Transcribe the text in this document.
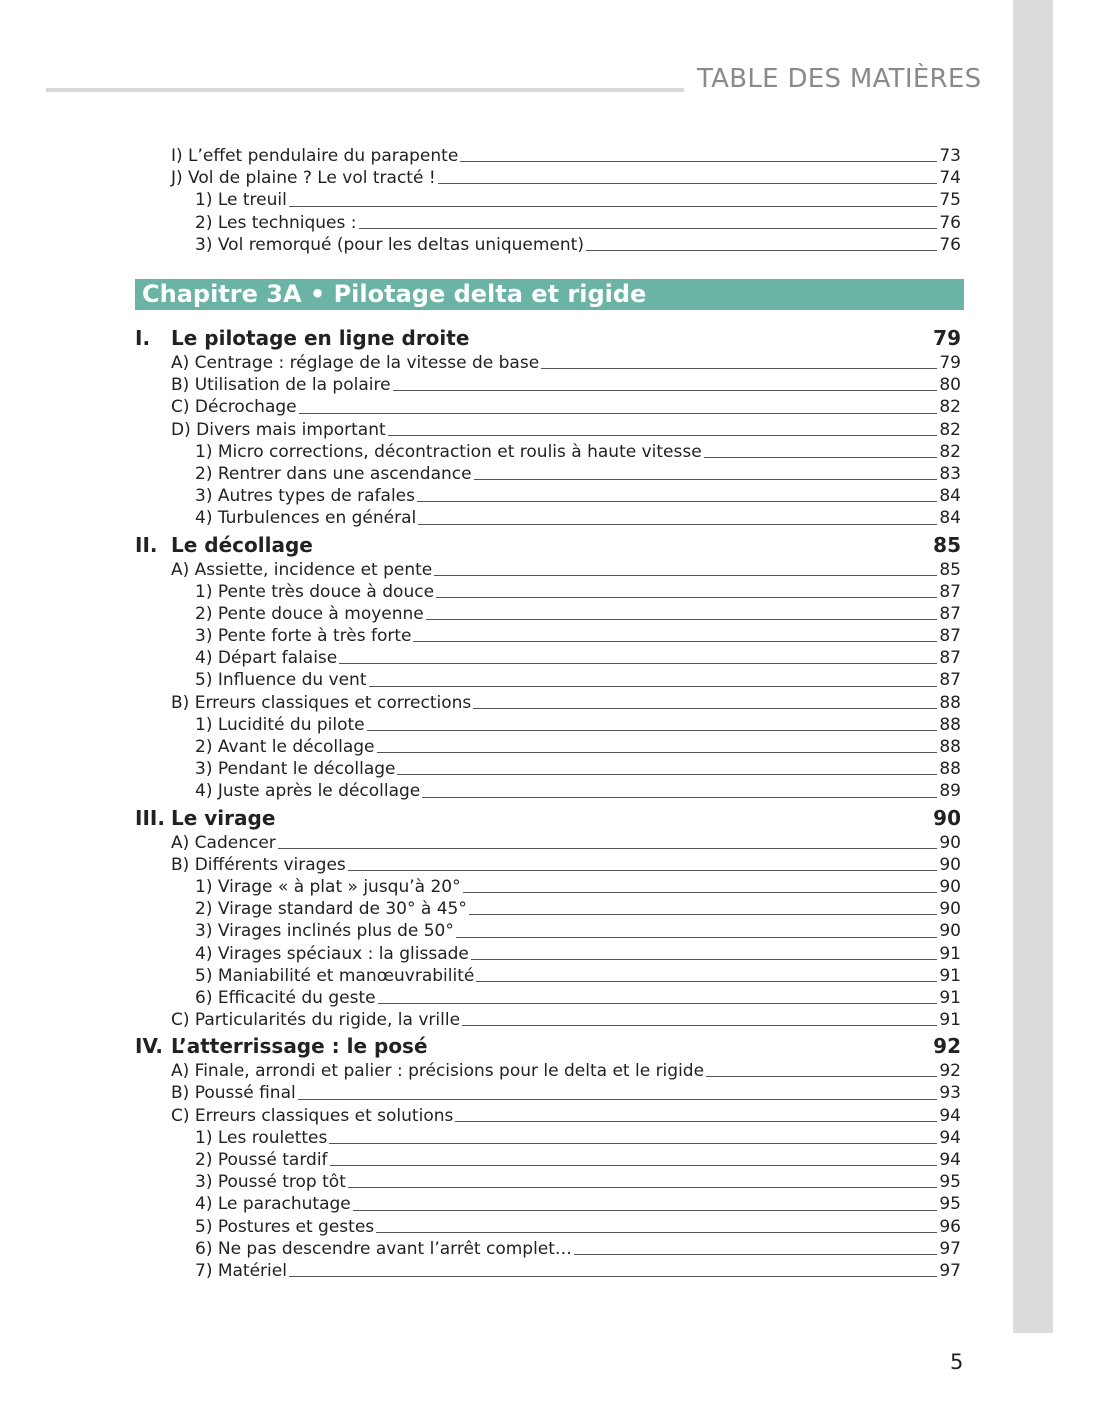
TABLE DES MATIÈRES
I) L’effet pendulaire du parapente	73
J) Vol de plaine ? Le vol tracté !	74
1) Le treuil	75
2) Les techniques :	76
3) Vol remorqué (pour les deltas uniquement)	76
Chapitre 3A • Pilotage delta et rigide
I.	Le pilotage en ligne droite	79
A) Centrage : réglage de la vitesse de base	79
B) Utilisation de la polaire	80
C) Décrochage	82
D) Divers mais important	82
1) Micro corrections, décontraction et roulis à haute vitesse	82
2) Rentrer dans une ascendance	83
3) Autres types de rafales	84
4) Turbulences en général	84
II. Le décollage	85
A) Assiette, incidence et pente	85
1) Pente très douce à douce	87
2) Pente douce à moyenne	87
3) Pente forte à très forte	87
4) Départ falaise	87
5) Influence du vent	87
B) Erreurs classiques et corrections	88
1) Lucidité du pilote	88
2) Avant le décollage	88
3) Pendant le décollage	88
4) Juste après le décollage	89
III. Le virage	90
A) Cadencer	90
B) Différents virages	90
1) Virage « à plat » jusqu’à 20°	90
2) Virage standard de 30° à 45°	90
3) Virages inclinés plus de 50°	90
4) Virages spéciaux : la glissade	91
5) Maniabilité et manœuvrabilité	91
6) Efficacité du geste	91
C) Particularités du rigide, la vrille	91
IV. L’atterrissage : le posé	92
A) Finale, arrondi et palier : précisions pour le delta et le rigide	92
B) Poussé final	93
C) Erreurs classiques et solutions	94
1) Les roulettes	94
2) Poussé tardif	94
3) Poussé trop tôt	95
4) Le parachutage	95
5) Postures et gestes	96
6) Ne pas descendre avant l’arrêt complet…	97
7) Matériel	97
5
